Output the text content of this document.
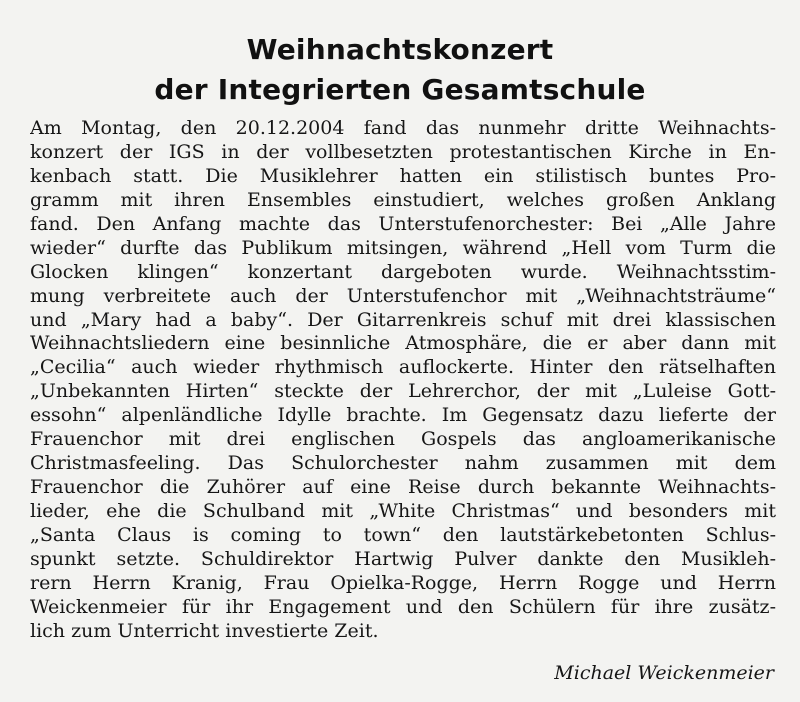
Weihnachtskonzert
der Integrierten Gesamtschule
Am Montag, den 20.12.2004 fand das nunmehr dritte Weihnachts-
konzert der IGS in der vollbesetzten protestantischen Kirche in En-
kenbach statt. Die Musiklehrer hatten ein stilistisch buntes Pro-
gramm mit ihren Ensembles einstudiert, welches großen Anklang
fand. Den Anfang machte das Unterstufenorchester: Bei „Alle Jahre
wieder“ durfte das Publikum mitsingen, während „Hell vom Turm die
Glocken klingen“ konzertant dargeboten wurde. Weihnachtsstim-
mung verbreitete auch der Unterstufenchor mit „Weihnachtsträume“
und „Mary had a baby“. Der Gitarrenkreis schuf mit drei klassischen
Weihnachtsliedern eine besinnliche Atmosphäre, die er aber dann mit
„Cecilia“ auch wieder rhythmisch auflockerte. Hinter den rätselhaften
„Unbekannten Hirten“ steckte der Lehrerchor, der mit „Luleise Gott-
essohn“ alpenländliche Idylle brachte. Im Gegensatz dazu lieferte der
Frauenchor mit drei englischen Gospels das angloamerikanische
Christmasfeeling. Das Schulorchester nahm zusammen mit dem
Frauenchor die Zuhörer auf eine Reise durch bekannte Weihnachts-
lieder, ehe die Schulband mit „White Christmas“ und besonders mit
„Santa Claus is coming to town“ den lautstärkebetonten Schlus-
spunkt setzte. Schuldirektor Hartwig Pulver dankte den Musikleh-
rern Herrn Kranig, Frau Opielka-Rogge, Herrn Rogge und Herrn
Weickenmeier für ihr Engagement und den Schülern für ihre zusätz-
lich zum Unterricht investierte Zeit.
Michael Weickenmeier
